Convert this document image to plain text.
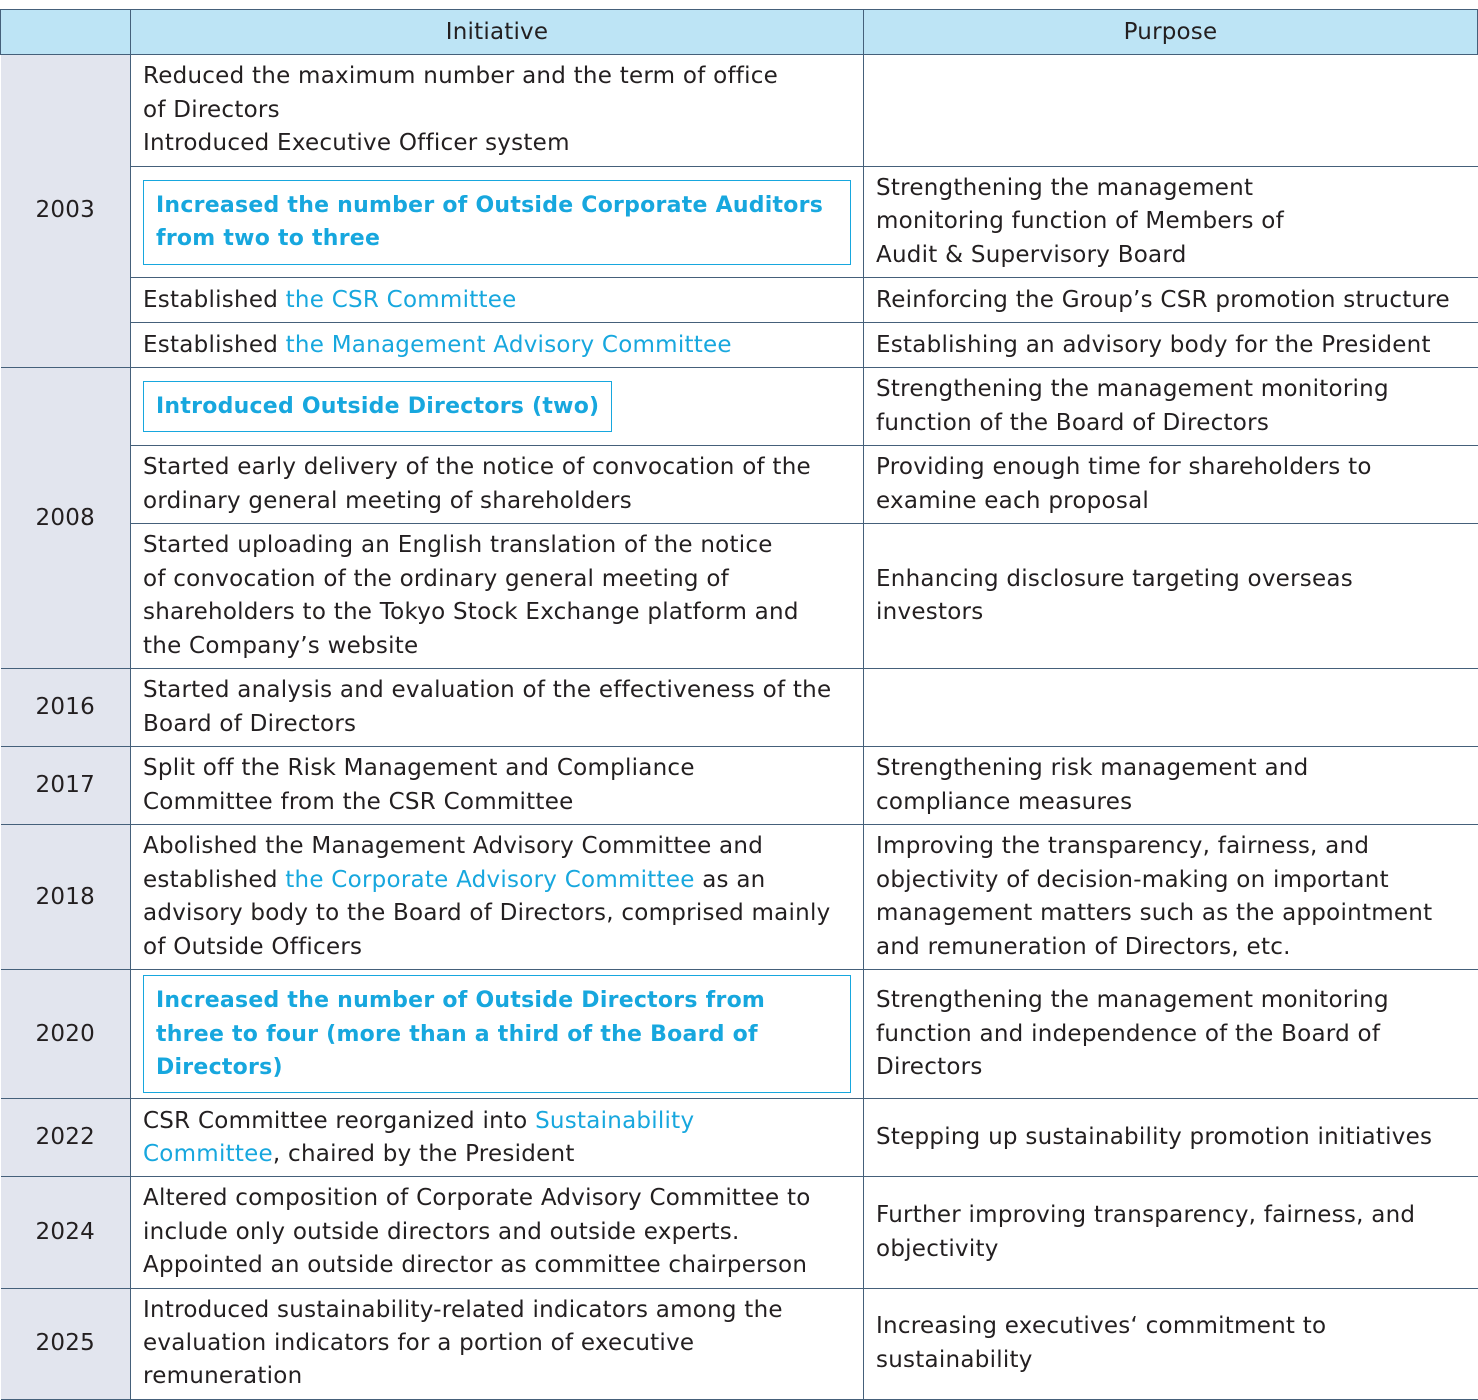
	Initiative	Purpose
2003	Reduced the maximum number and the term of office
of Directors
Introduced Executive Officer system	

	Increased the number of Outside Corporate Auditors from two to three	Strengthening the management
monitoring function of Members of
Audit & Supervisory Board

	Established the CSR Committee	Reinforcing the Group’s CSR promotion structure
	Established the Management Advisory Committee	Establishing an advisory body for the President
2008	Introduced Outside Directors (two)	Strengthening the management monitoring
function of the Board of Directors

	Started early delivery of the notice of convocation of the
ordinary general meeting of shareholders	Providing enough time for shareholders to
examine each proposal

	Started uploading an English translation of the notice
of convocation of the ordinary general meeting of
shareholders to the Tokyo Stock Exchange platform and
the Company’s website	Enhancing disclosure targeting overseas investors
2016	Started analysis and evaluation of the effectiveness of the
Board of Directors	

2017	Split off the Risk Management and Compliance
Committee from the CSR Committee	Strengthening risk management and
compliance measures

2018	Abolished the Management Advisory Committee and
established the Corporate Advisory Committee as an
advisory body to the Board of Directors, comprised mainly
of Outside Officers	Improving the transparency, fairness, and
objectivity of decision-making on important
management matters such as the appointment
and remuneration of Directors, etc.

2020	Increased the number of Outside Directors from three to four (more than a third of the Board of Directors)	Strengthening the management monitoring
function and independence of the Board of
Directors

2022	CSR Committee reorganized into Sustainability
Committee, chaired by the President	Stepping up sustainability promotion initiatives
2024	Altered composition of Corporate Advisory Committee to
include only outside directors and outside experts.
Appointed an outside director as committee chairperson	Further improving transparency, fairness, and
objectivity

2025	Introduced sustainability-related indicators among the
evaluation indicators for a portion of executive remuneration	Increasing executives‘ commitment to
sustainability
